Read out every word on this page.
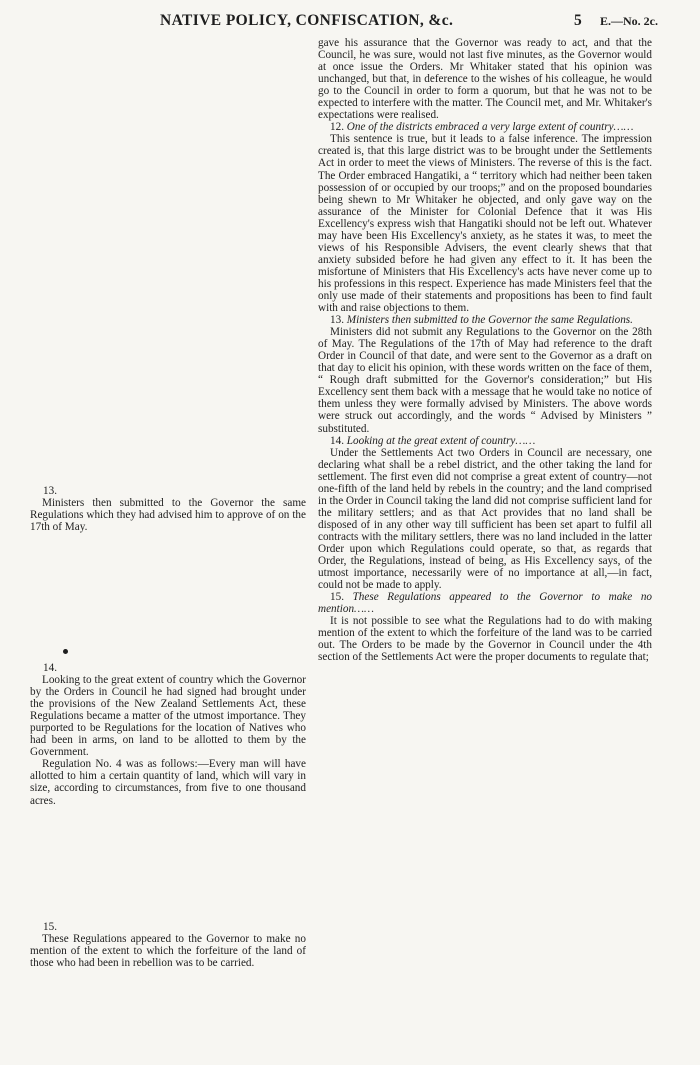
NATIVE POLICY, CONFISCATION, &c.	5 E.—No. 2c.
13.

Ministers then submitted to the Governor the same Regulations which they had advised him to approve of on the 17th of May.

14.

Looking to the great extent of country which the Governor by the Orders in Council he had signed had brought under the provisions of the New Zealand Settlements Act, these Regulations became a matter of the utmost importance. They purported to be Regulations for the location of Natives who had been in arms, on land to be allotted to them by the Government.

Regulation No. 4 was as follows:—Every man will have allotted to him a certain quantity of land, which will vary in size, according to circumstances, from five to one thousand acres.

15.

These Regulations appeared to the Governor to make no mention of the extent to which the forfeiture of the land of those who had been in rebellion was to be carried.

gave his assurance that the Governor was ready to act, and that the Council, he was sure, would not last five minutes, as the Governor would at once issue the Orders. Mr Whitaker stated that his opinion was unchanged, but that, in deference to the wishes of his colleague, he would go to the Council in order to form a quorum, but that he was not to be expected to interfere with the matter. The Council met, and Mr. Whitaker's expectations were realised.

12. One of the districts embraced a very large extent of country……

This sentence is true, but it leads to a false inference. The impression created is, that this large district was to be brought under the Settlements Act in order to meet the views of Ministers. The reverse of this is the fact. The Order embraced Hangatiki, a “ territory which had neither been taken possession of or occupied by our troops;” and on the proposed boundaries being shewn to Mr Whitaker he objected, and only gave way on the assurance of the Minister for Colonial Defence that it was His Excellency's express wish that Hangatiki should not be left out. Whatever may have been His Excellency's anxiety, as he states it was, to meet the views of his Responsible Advisers, the event clearly shews that that anxiety subsided before he had given any effect to it. It has been the misfortune of Ministers that His Excellency's acts have never come up to his professions in this respect. Experience has made Ministers feel that the only use made of their statements and propositions has been to find fault with and raise objections to them.

13. Ministers then submitted to the Governor the same Regulations.

Ministers did not submit any Regulations to the Governor on the 28th of May. The Regulations of the 17th of May had reference to the draft Order in Council of that date, and were sent to the Governor as a draft on that day to elicit his opinion, with these words written on the face of them, “ Rough draft submitted for the Governor's consideration;” but His Excellency sent them back with a message that he would take no notice of them unless they were formally advised by Ministers. The above words were struck out accordingly, and the words “ Advised by Ministers ” substituted.

14. Looking at the great extent of country……

Under the Settlements Act two Orders in Council are necessary, one declaring what shall be a rebel district, and the other taking the land for settlement. The first even did not comprise a great extent of country—not one-fifth of the land held by rebels in the country; and the land comprised in the Order in Council taking the land did not comprise sufficient land for the military settlers; and as that Act provides that no land shall be disposed of in any other way till sufficient has been set apart to fulfil all contracts with the military settlers, there was no land included in the latter Order upon which Regulations could operate, so that, as regards that Order, the Regulations, instead of being, as His Excellency says, of the utmost importance, necessarily were of no importance at all,—in fact, could not be made to apply.

15. These Regulations appeared to the Governor to make no mention……

It is not possible to see what the Regulations had to do with making mention of the extent to which the forfeiture of the land was to be carried out. The Orders to be made by the Governor in Council under the 4th section of the Settlements Act were the proper documents to regulate that;
